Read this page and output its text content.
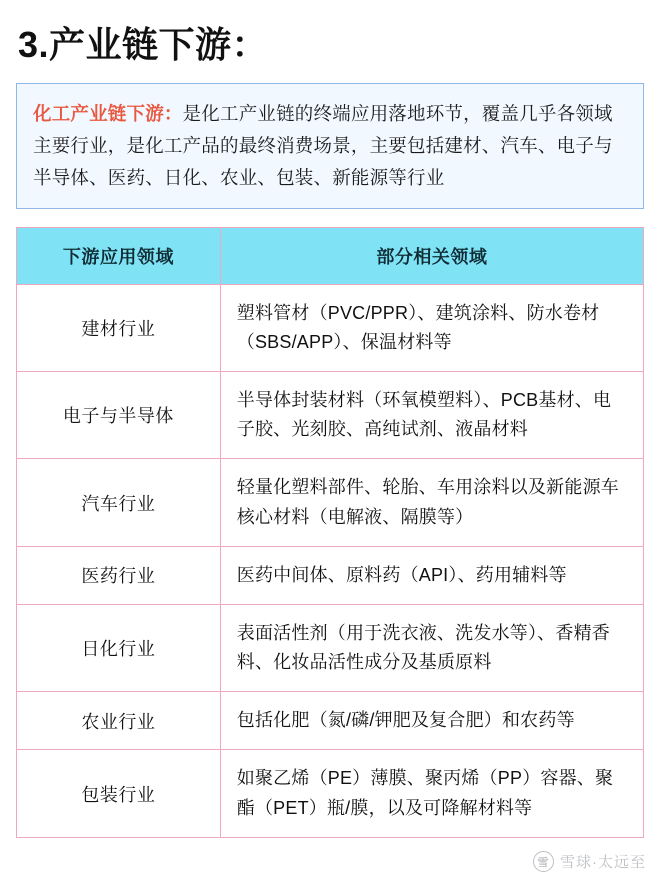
3.产业链下游：
化工产业链下游：是化工产业链的终端应用落地环节，覆盖几乎各领域主要行业，是化工产品的最终消费场景，主要包括建材、汽车、电子与半导体、医药、日化、农业、包装、新能源等行业
下游应用领域	部分相关领域
建材行业	塑料管材（PVC/PPR）、建筑涂料、防水卷材（SBS/APP）、保温材料等
电子与半导体	半导体封装材料（环氧模塑料）、PCB基材、电子胶、光刻胶、高纯试剂、液晶材料
汽车行业	轻量化塑料部件、轮胎、车用涂料以及新能源车核心材料（电解液、隔膜等）
医药行业	医药中间体、原料药（API）、药用辅料等
日化行业	表面活性剂（用于洗衣液、洗发水等）、香精香料、化妆品活性成分及基质原料
农业行业	包括化肥（氮/磷/钾肥及复合肥）和农药等
包装行业	如聚乙烯（PE）薄膜、聚丙烯（PP）容器、聚酯（PET）瓶/膜，以及可降解材料等
雪 雪球·太远至
